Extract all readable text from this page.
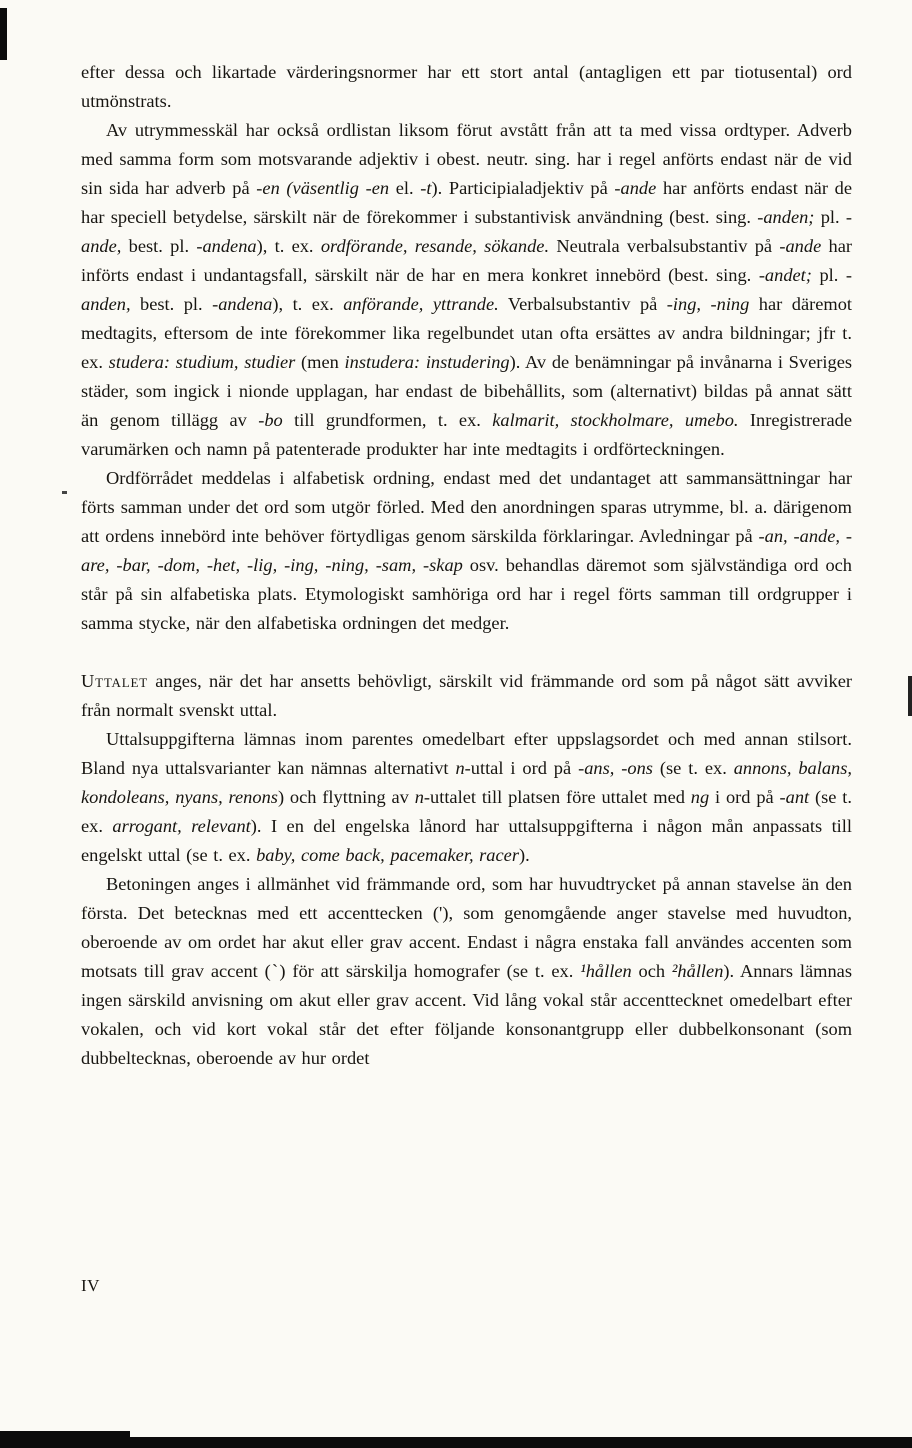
efter dessa och likartade värderingsnormer har ett stort antal (antagligen ett par tiotusental) ord utmönstrats.

Av utrymmesskäl har också ordlistan liksom förut avstått från att ta med vissa ordtyper. Adverb med samma form som motsvarande adjektiv i obest. neutr. sing. har i regel anförts endast när de vid sin sida har adverb på -en (väsentlig -en el. -t). Participialadjektiv på -ande har anförts endast när de har speciell betydelse, särskilt när de förekommer i substantivisk användning (best. sing. -anden; pl. -ande, best. pl. -andena), t. ex. ordförande, resande, sökande. Neutrala verbalsubstantiv på -ande har införts endast i undantagsfall, särskilt när de har en mera konkret innebörd (best. sing. -andet; pl. -anden, best. pl. -andena), t. ex. anförande, yttrande. Verbalsubstantiv på -ing, -ning har däremot medtagits, eftersom de inte förekommer lika regelbundet utan ofta ersättes av andra bildningar; jfr t. ex. studera: studium, studier (men instudera: instudering). Av de benämningar på invånarna i Sveriges städer, som ingick i nionde upplagan, har endast de bibehållits, som (alternativt) bildas på annat sätt än genom tillägg av -bo till grundformen, t. ex. kalmarit, stockholmare, umebo. Inregistrerade varumärken och namn på patenterade produkter har inte medtagits i ordförteckningen.

Ordförrådet meddelas i alfabetisk ordning, endast med det undantaget att sammansättningar har förts samman under det ord som utgör förled. Med den anordningen sparas utrymme, bl. a. därigenom att ordens innebörd inte behöver förtydligas genom särskilda förklaringar. Avledningar på -an, -ande, -are, -bar, -dom, -het, -lig, -ing, -ning, -sam, -skap osv. behandlas däremot som självständiga ord och står på sin alfabetiska plats. Etymologiskt samhöriga ord har i regel förts samman till ordgrupper i samma stycke, när den alfabetiska ordningen det medger.

Uttalet anges, när det har ansetts behövligt, särskilt vid främmande ord som på något sätt avviker från normalt svenskt uttal.

Uttalsuppgifterna lämnas inom parentes omedelbart efter uppslagsordet och med annan stilsort. Bland nya uttalsvarianter kan nämnas alternativt n-uttal i ord på -ans, -ons (se t. ex. annons, balans, kondoleans, nyans, renons) och flyttning av n-uttalet till platsen före uttalet med ng i ord på -ant (se t. ex. arrogant, relevant). I en del engelska lånord har uttalsuppgifterna i någon mån anpassats till engelskt uttal (se t. ex. baby, come back, pacemaker, racer).

Betoningen anges i allmänhet vid främmande ord, som har huvudtrycket på annan stavelse än den första. Det betecknas med ett accenttecken ('), som genomgående anger stavelse med huvudton, oberoende av om ordet har akut eller grav accent. Endast i några enstaka fall användes accenten som motsats till grav accent (ˋ) för att särskilja homografer (se t. ex. ¹hållen och ²hållen). Annars lämnas ingen särskild anvisning om akut eller grav accent. Vid lång vokal står accenttecknet omedelbart efter vokalen, och vid kort vokal står det efter följande konsonantgrupp eller dubbelkonsonant (som dubbeltecknas, oberoende av hur ordet

IV
